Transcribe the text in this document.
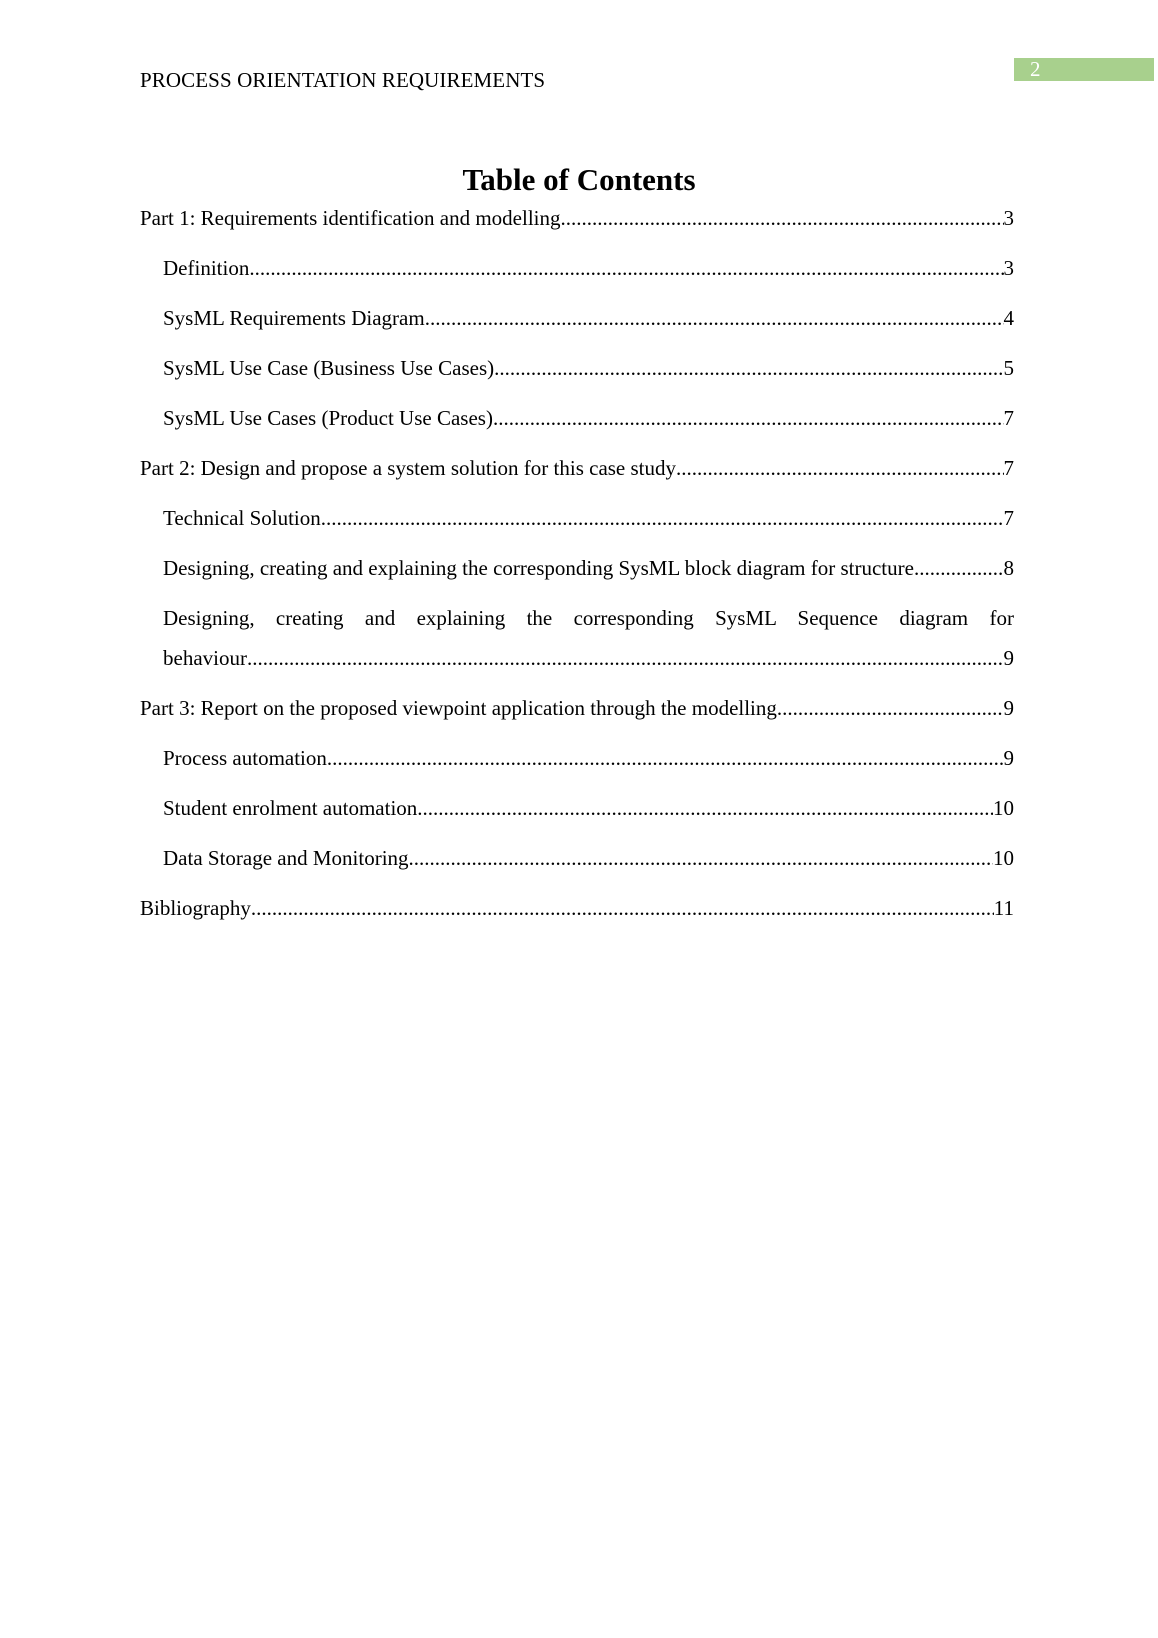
PROCESS ORIENTATION REQUIREMENTS	2
Table of Contents
Part 1: Requirements identification and modelling .....	3
Definition .....	3
SysML Requirements Diagram .....	4
SysML Use Case (Business Use Cases) .....	5
SysML Use Cases (Product Use Cases) .....	7
Part 2: Design and propose a system solution for this case study .....	7
Technical Solution .....	7
Designing, creating and explaining the corresponding SysML block diagram for structure .....	8
Designing, creating and explaining the corresponding SysML Sequence diagram for
behaviour .....	9
Part 3: Report on the proposed viewpoint application through the modelling .....	9
Process automation .....	9
Student enrolment automation .....	10
Data Storage and Monitoring .....	10
Bibliography .....	11
